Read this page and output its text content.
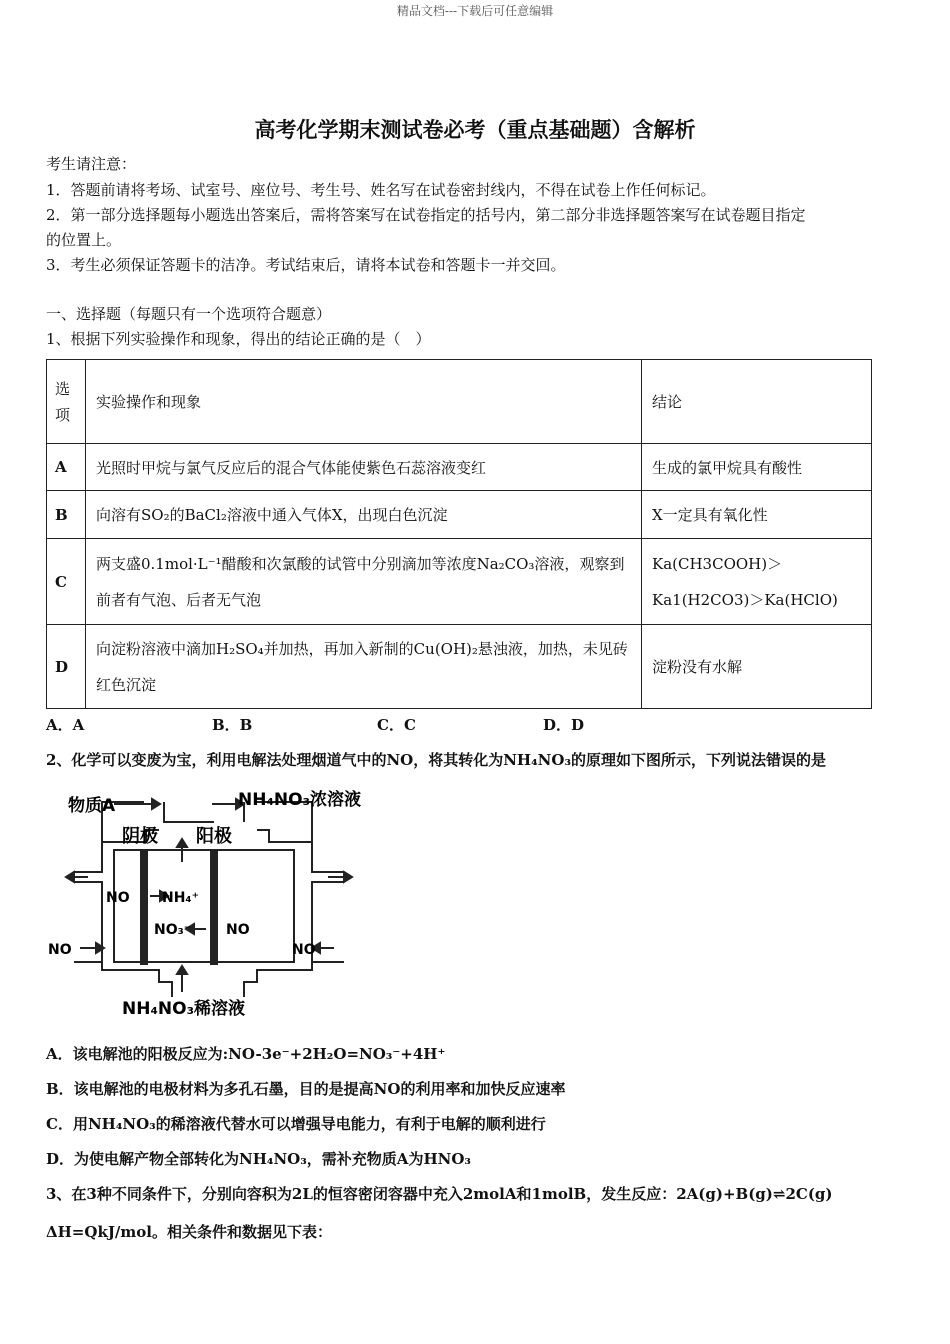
精品文档---下载后可任意编辑
高考化学期末测试卷必考（重点基础题）含解析
考生请注意：
1．答题前请将考场、试室号、座位号、考生号、姓名写在试卷密封线内，不得在试卷上作任何标记。
2．第一部分选择题每小题选出答案后，需将答案写在试卷指定的括号内，第二部分非选择题答案写在试卷题目指定
的位置上。
3．考生必须保证答题卡的洁净。考试结束后，请将本试卷和答题卡一并交回。
一、选择题（每题只有一个选项符合题意）
1、根据下列实验操作和现象，得出的结论正确的是（　）
选项	实验操作和现象	结论
A	光照时甲烷与氯气反应后的混合气体能使紫色石蕊溶液变红	生成的氯甲烷具有酸性
B	向溶有SO₂的BaCl₂溶液中通入气体X，出现白色沉淀	X一定具有氧化性
C	两支盛0.1mol·L⁻¹醋酸和次氯酸的试管中分别滴加等浓度Na₂CO₃溶液，观察到前者有气泡、后者无气泡	Ka(CH3COOH)＞Ka1(H2CO3)＞Ka(HClO)
D	向淀粉溶液中滴加H₂SO₄并加热，再加入新制的Cu(OH)₂悬浊液，加热，未见砖红色沉淀	淀粉没有水解
A．A	B．B	C．C	D．D
2、化学可以变废为宝，利用电解法处理烟道气中的NO，将其转化为NH₄NO₃的原理如下图所示，下列说法错误的是
物质A	NH₄NO₃浓溶液
阴极 阳极
NO NH₄⁺
NO₃⁻ NO
NO	NO
NH₄NO₃稀溶液
A．该电解池的阳极反应为:NO-3e⁻+2H₂O=NO₃⁻+4H⁺
B．该电解池的电极材料为多孔石墨，目的是提高NO的利用率和加快反应速率
C．用NH₄NO₃的稀溶液代替水可以增强导电能力，有利于电解的顺利进行
D．为使电解产物全部转化为NH₄NO₃，需补充物质A为HNO₃
3、在3种不同条件下，分别向容积为2L的恒容密闭容器中充入2molA和1molB，发生反应：2A(g)+B(g)⇌2C(g)
ΔH=QkJ/mol。相关条件和数据见下表：
